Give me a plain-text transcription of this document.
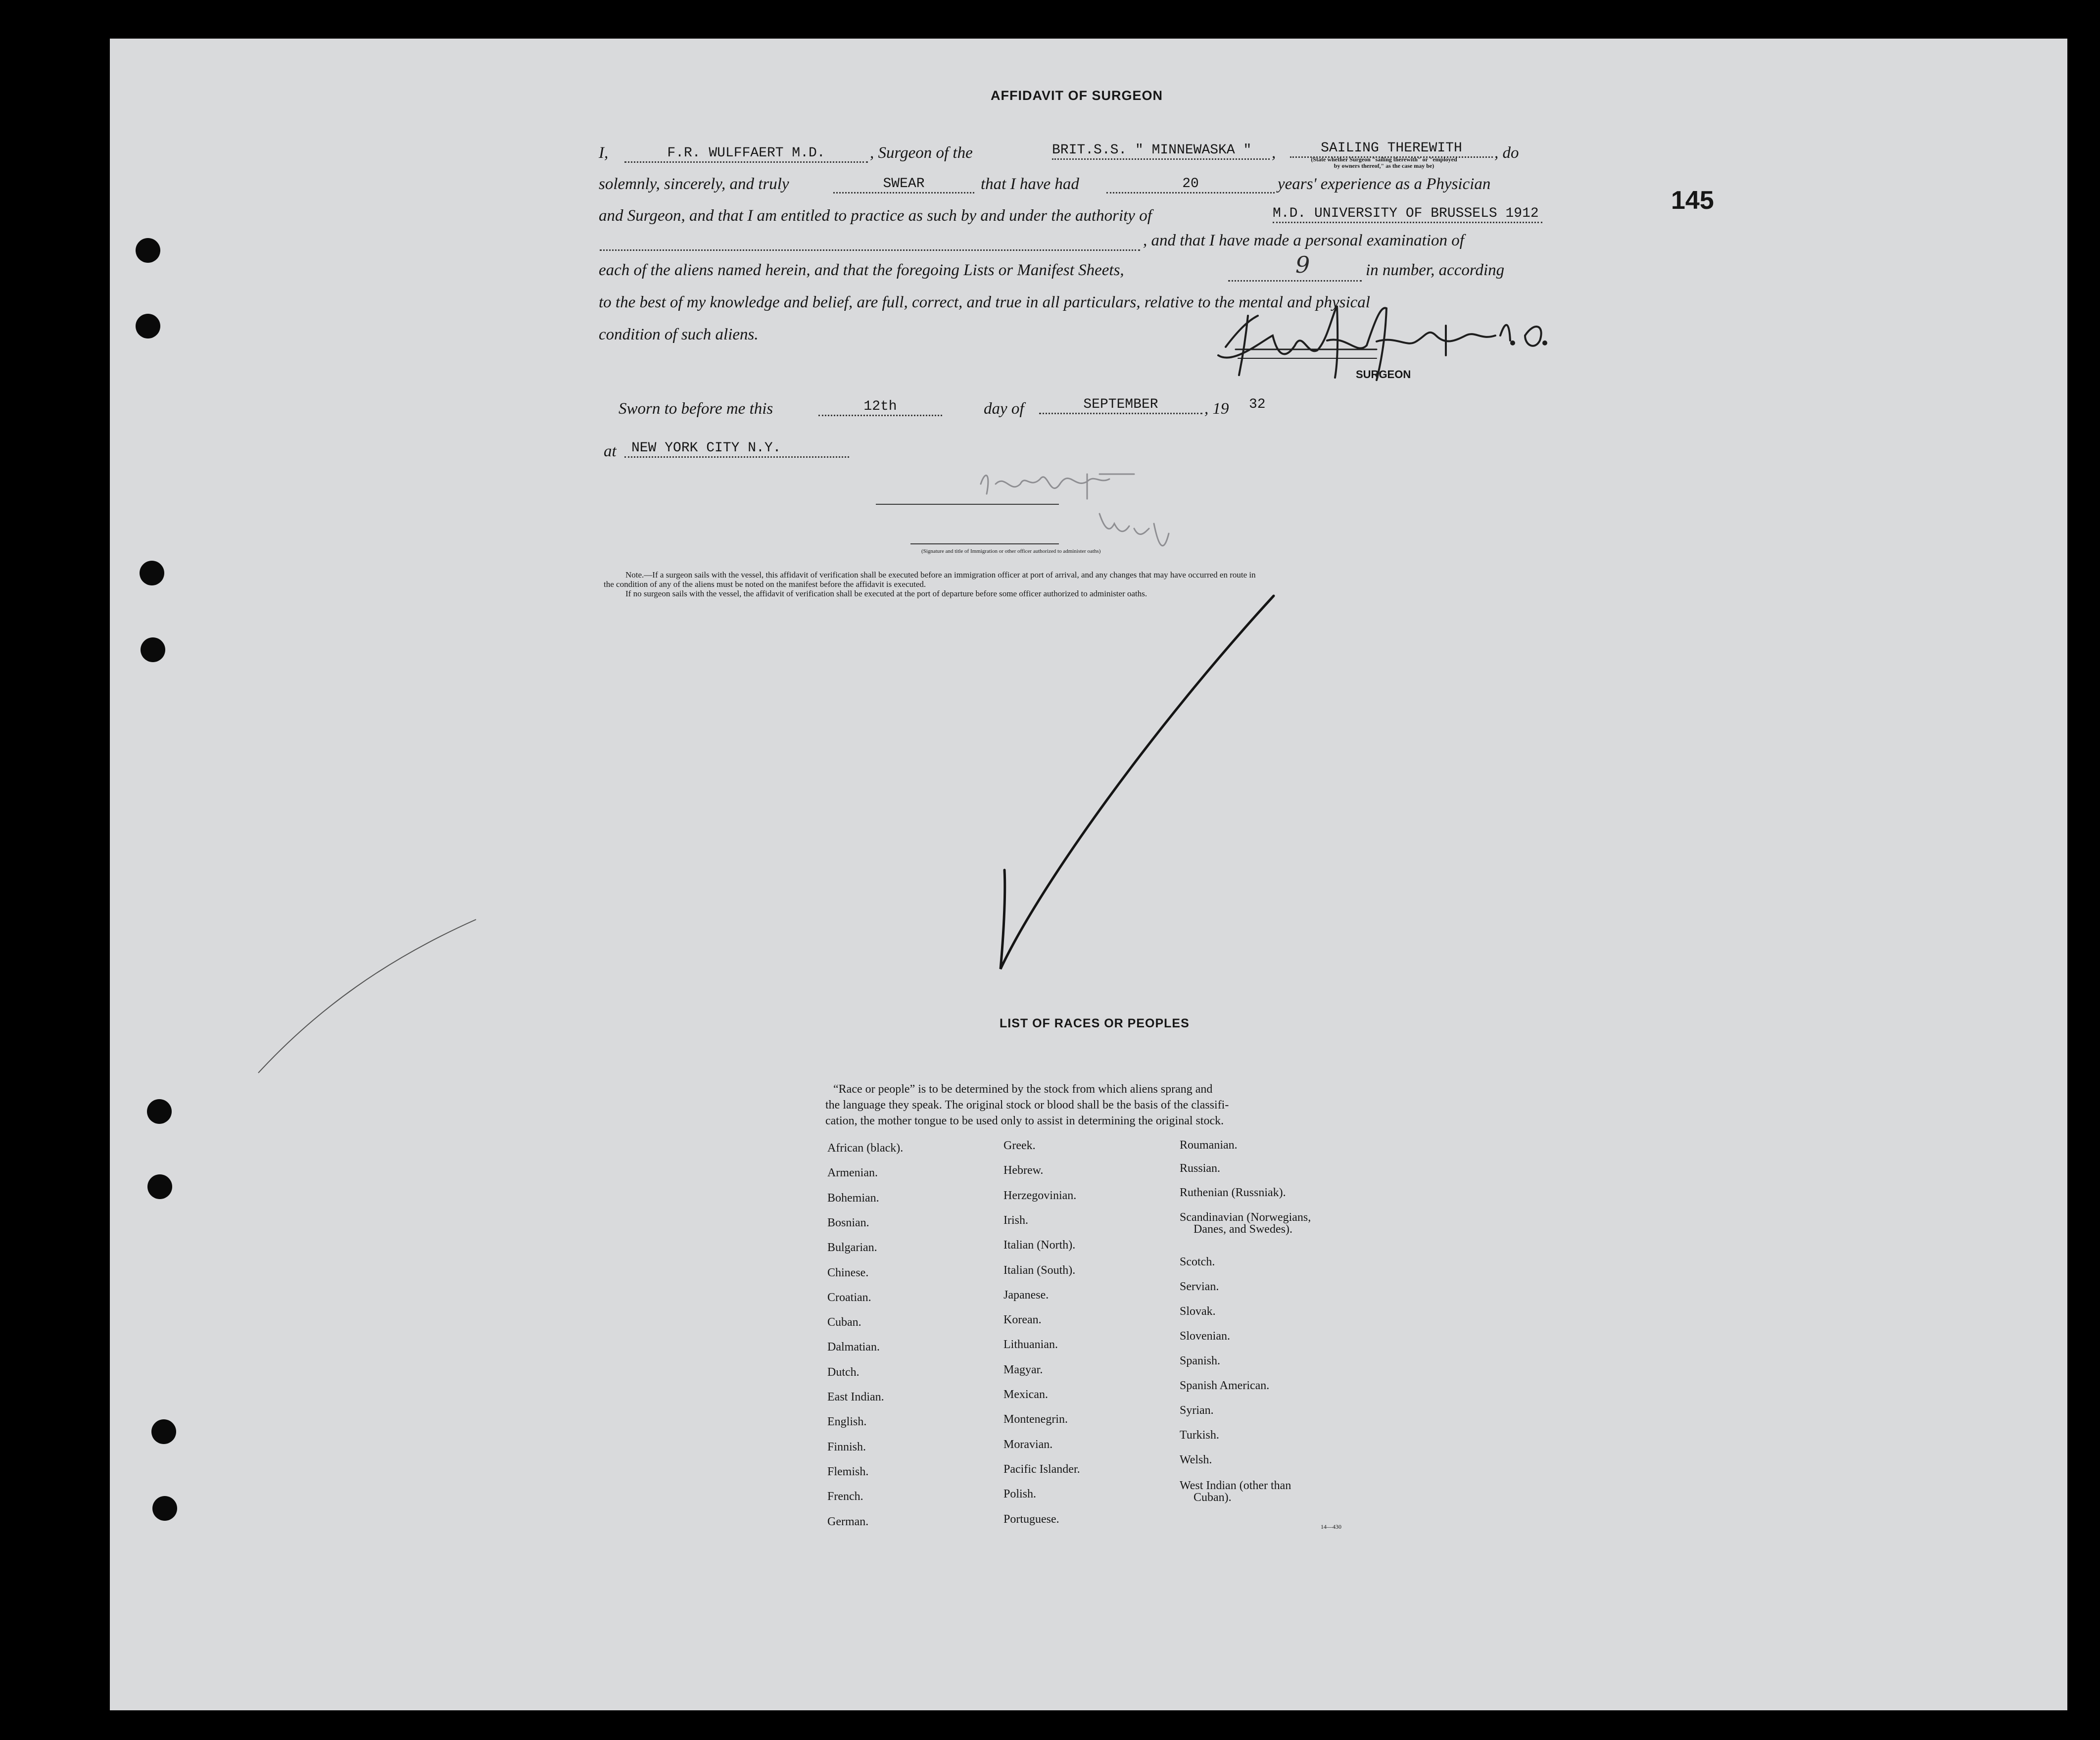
145
AFFIDAVIT OF SURGEON
I,	F.R. WULFFAERT M.D.	, Surgeon of the	BRIT.S.S. " MINNEWASKA "	,	SAILING THEREWITH	, do
(State whether Surgeon "sailing therewith" or "employed by owners thereof," as the case may be)
solemnly, sincerely, and truly	SWEAR	that I have had	20	years' experience as a Physician
and Surgeon, and that I am entitled to practice as such by and under the authority of	M.D. UNIVERSITY OF BRUSSELS 1912
, and that I have made a personal examination of
each of the aliens named herein, and that the foregoing Lists or Manifest Sheets,	9	in number, according
to the best of my knowledge and belief, are full, correct, and true in all particulars, relative to the mental and physical
condition of such aliens.
SURGEON
Sworn to before me this	12th	day of	SEPTEMBER	, 19 32
at	NEW YORK CITY N.Y.
(Signature and title of Immigration or other officer authorized to administer oaths)
Note.—If a surgeon sails with the vessel, this affidavit of verification shall be executed before an immigration officer at port of arrival, and any changes that may have occurred en route in
the condition of any of the aliens must be noted on the manifest before the affidavit is executed.
If no surgeon sails with the vessel, the affidavit of verification shall be executed at the port of departure before some officer authorized to administer oaths.
LIST OF RACES OR PEOPLES
“Race or people” is to be determined by the stock from which aliens sprang and
the language they speak. The original stock or blood shall be the basis of the classifi-
cation, the mother tongue to be used only to assist in determining the original stock.
African (black).
Armenian.
Bohemian.
Bosnian.
Bulgarian.
Chinese.
Croatian.
Cuban.
Dalmatian.
Dutch.
East Indian.
English.
Finnish.
Flemish.
French.
German.
Greek.
Hebrew.
Herzegovinian.
Irish.
Italian (North).
Italian (South).
Japanese.
Korean.
Lithuanian.
Magyar.
Mexican.
Montenegrin.
Moravian.
Pacific Islander.
Polish.
Portuguese.
Roumanian.
Russian.
Ruthenian (Russniak).
Scandinavian (Norwegians,
Danes, and Swedes).
Scotch.
Servian.
Slovak.
Slovenian.
Spanish.
Spanish American.
Syrian.
Turkish.
Welsh.
West Indian (other than
Cuban).
14—430
